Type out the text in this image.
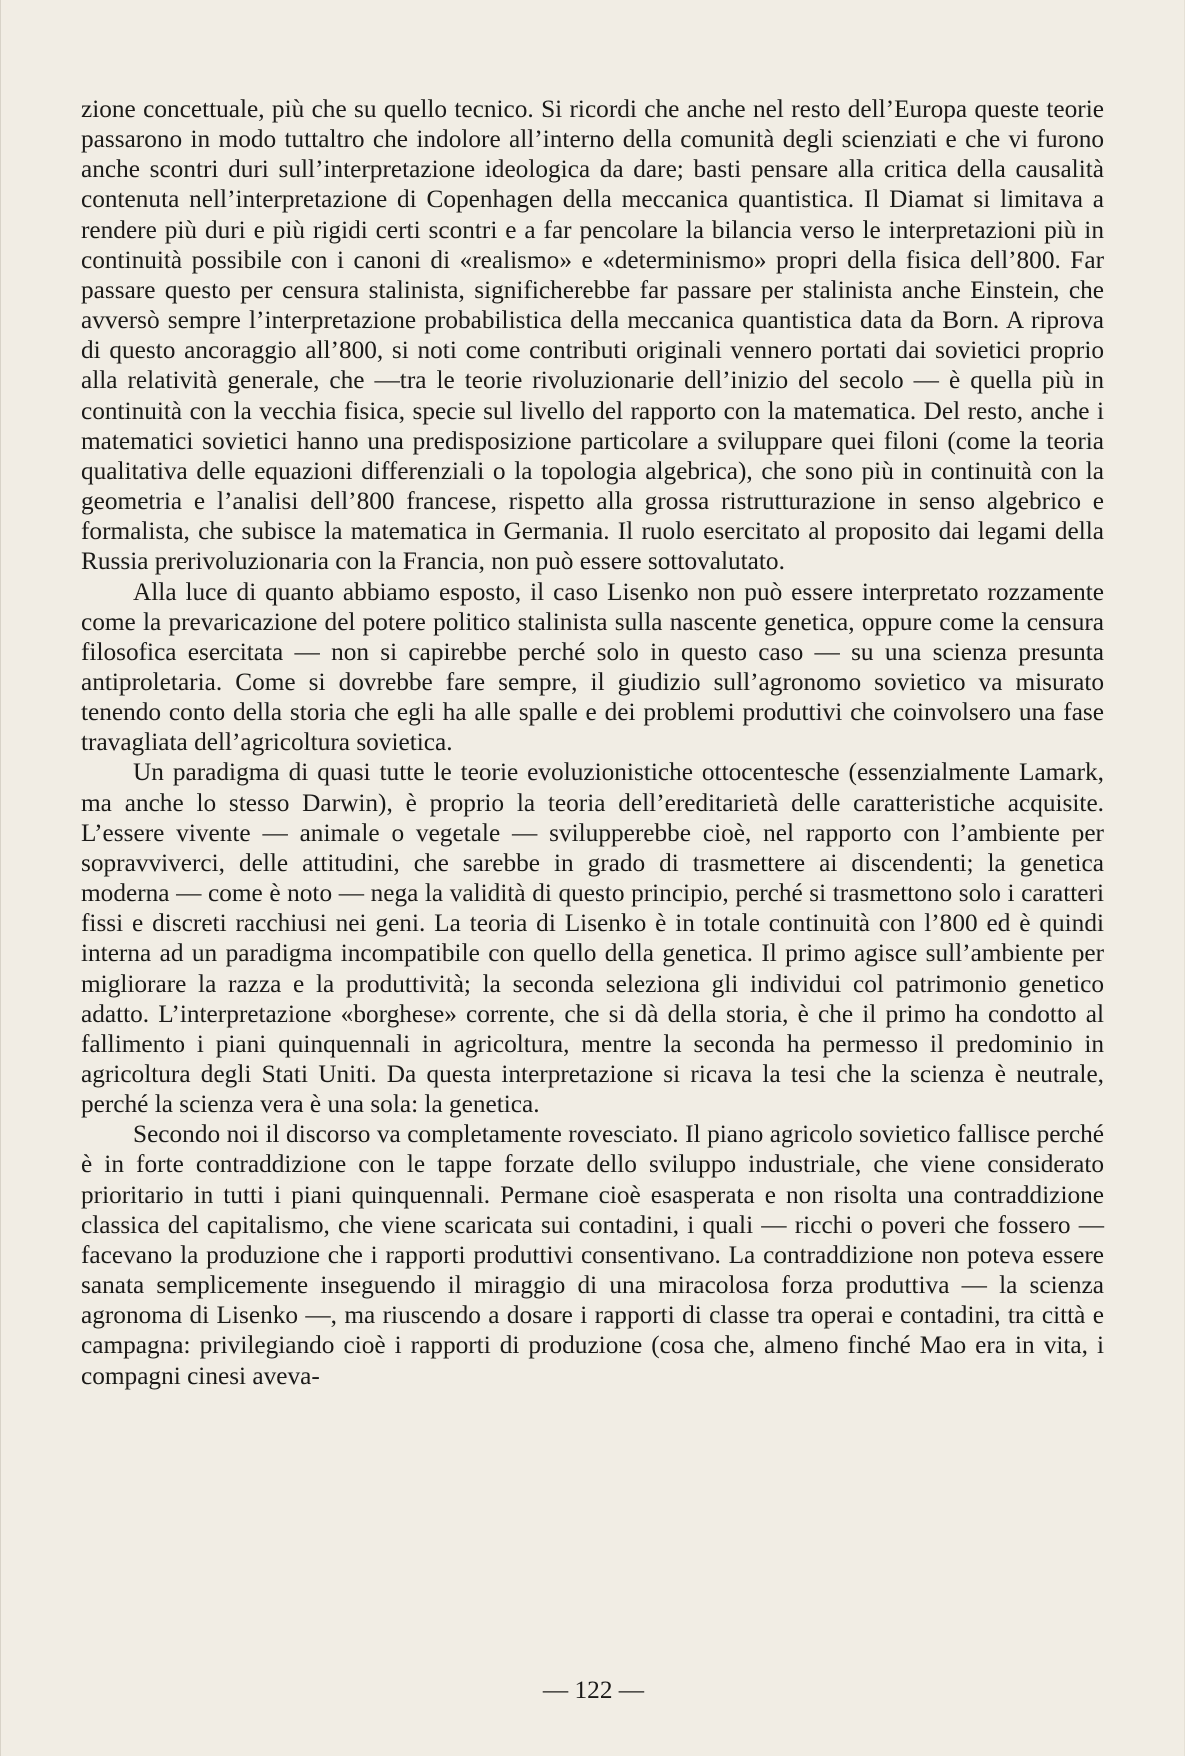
zione concettuale, più che su quello tecnico. Si ricordi che anche nel resto dell’Europa queste teorie passarono in modo tuttaltro che indolore all’interno della comunità degli scienziati e che vi furono anche scontri duri sull’interpretazione ideologica da dare; basti pensare alla critica della causalità contenuta nell’interpretazione di Copenhagen della meccanica quantistica. Il Diamat si limitava a rendere più duri e più rigidi certi scontri e a far pencolare la bilancia verso le interpretazioni più in continuità possibile con i canoni di «realismo» e «determinismo» propri della fisica dell’800. Far passare questo per censura stalinista, significherebbe far passare per stalinista anche Einstein, che avversò sempre l’interpretazione probabilistica della meccanica quantistica data da Born. A riprova di questo ancoraggio all’800, si noti come contributi originali vennero portati dai sovietici proprio alla relatività generale, che —tra le teorie rivoluzionarie dell’inizio del secolo — è quella più in continuità con la vecchia fisica, specie sul livello del rapporto con la matematica. Del resto, anche i matematici sovietici hanno una predisposizione particolare a sviluppare quei filoni (come la teoria qualitativa delle equazioni differenziali o la topologia algebrica), che sono più in continuità con la geometria e l’analisi dell’800 francese, rispetto alla grossa ristrutturazione in senso algebrico e formalista, che subisce la matematica in Germania. Il ruolo esercitato al proposito dai legami della Russia prerivoluzionaria con la Francia, non può essere sottovalutato.

Alla luce di quanto abbiamo esposto, il caso Lisenko non può essere interpretato rozzamente come la prevaricazione del potere politico stalinista sulla nascente genetica, oppure come la censura filosofica esercitata — non si capirebbe perché solo in questo caso — su una scienza presunta antiproletaria. Come si dovrebbe fare sempre, il giudizio sull’agronomo sovietico va misurato tenendo conto della storia che egli ha alle spalle e dei problemi produttivi che coinvolsero una fase travagliata dell’agricoltura sovietica.

Un paradigma di quasi tutte le teorie evoluzionistiche ottocentesche (essenzialmente Lamark, ma anche lo stesso Darwin), è proprio la teoria dell’ereditarietà delle caratteristiche acquisite. L’essere vivente — animale o vegetale — svilupperebbe cioè, nel rapporto con l’ambiente per sopravviverci, delle attitudini, che sarebbe in grado di trasmettere ai discendenti; la genetica moderna — come è noto — nega la validità di questo principio, perché si trasmettono solo i caratteri fissi e discreti racchiusi nei geni. La teoria di Lisenko è in totale continuità con l’800 ed è quindi interna ad un paradigma incompatibile con quello della genetica. Il primo agisce sull’ambiente per migliorare la razza e la produttività; la seconda seleziona gli individui col patrimonio genetico adatto. L’interpretazione «borghese» corrente, che si dà della storia, è che il primo ha condotto al fallimento i piani quinquennali in agricoltura, mentre la seconda ha permesso il predominio in agricoltura degli Stati Uniti. Da questa interpretazione si ricava la tesi che la scienza è neutrale, perché la scienza vera è una sola: la genetica.

Secondo noi il discorso va completamente rovesciato. Il piano agricolo sovietico fallisce perché è in forte contraddizione con le tappe forzate dello sviluppo industriale, che viene considerato prioritario in tutti i piani quinquennali. Permane cioè esasperata e non risolta una contraddizione classica del capitalismo, che viene scaricata sui contadini, i quali — ricchi o poveri che fossero — facevano la produzione che i rapporti produttivi consentivano. La contraddizione non poteva essere sanata semplicemente inseguendo il miraggio di una miracolosa forza produttiva — la scienza agronoma di Lisenko —, ma riuscendo a dosare i rapporti di classe tra operai e contadini, tra città e campagna: privilegiando cioè i rapporti di produzione (cosa che, almeno finché Mao era in vita, i compagni cinesi aveva-

— 122 —
